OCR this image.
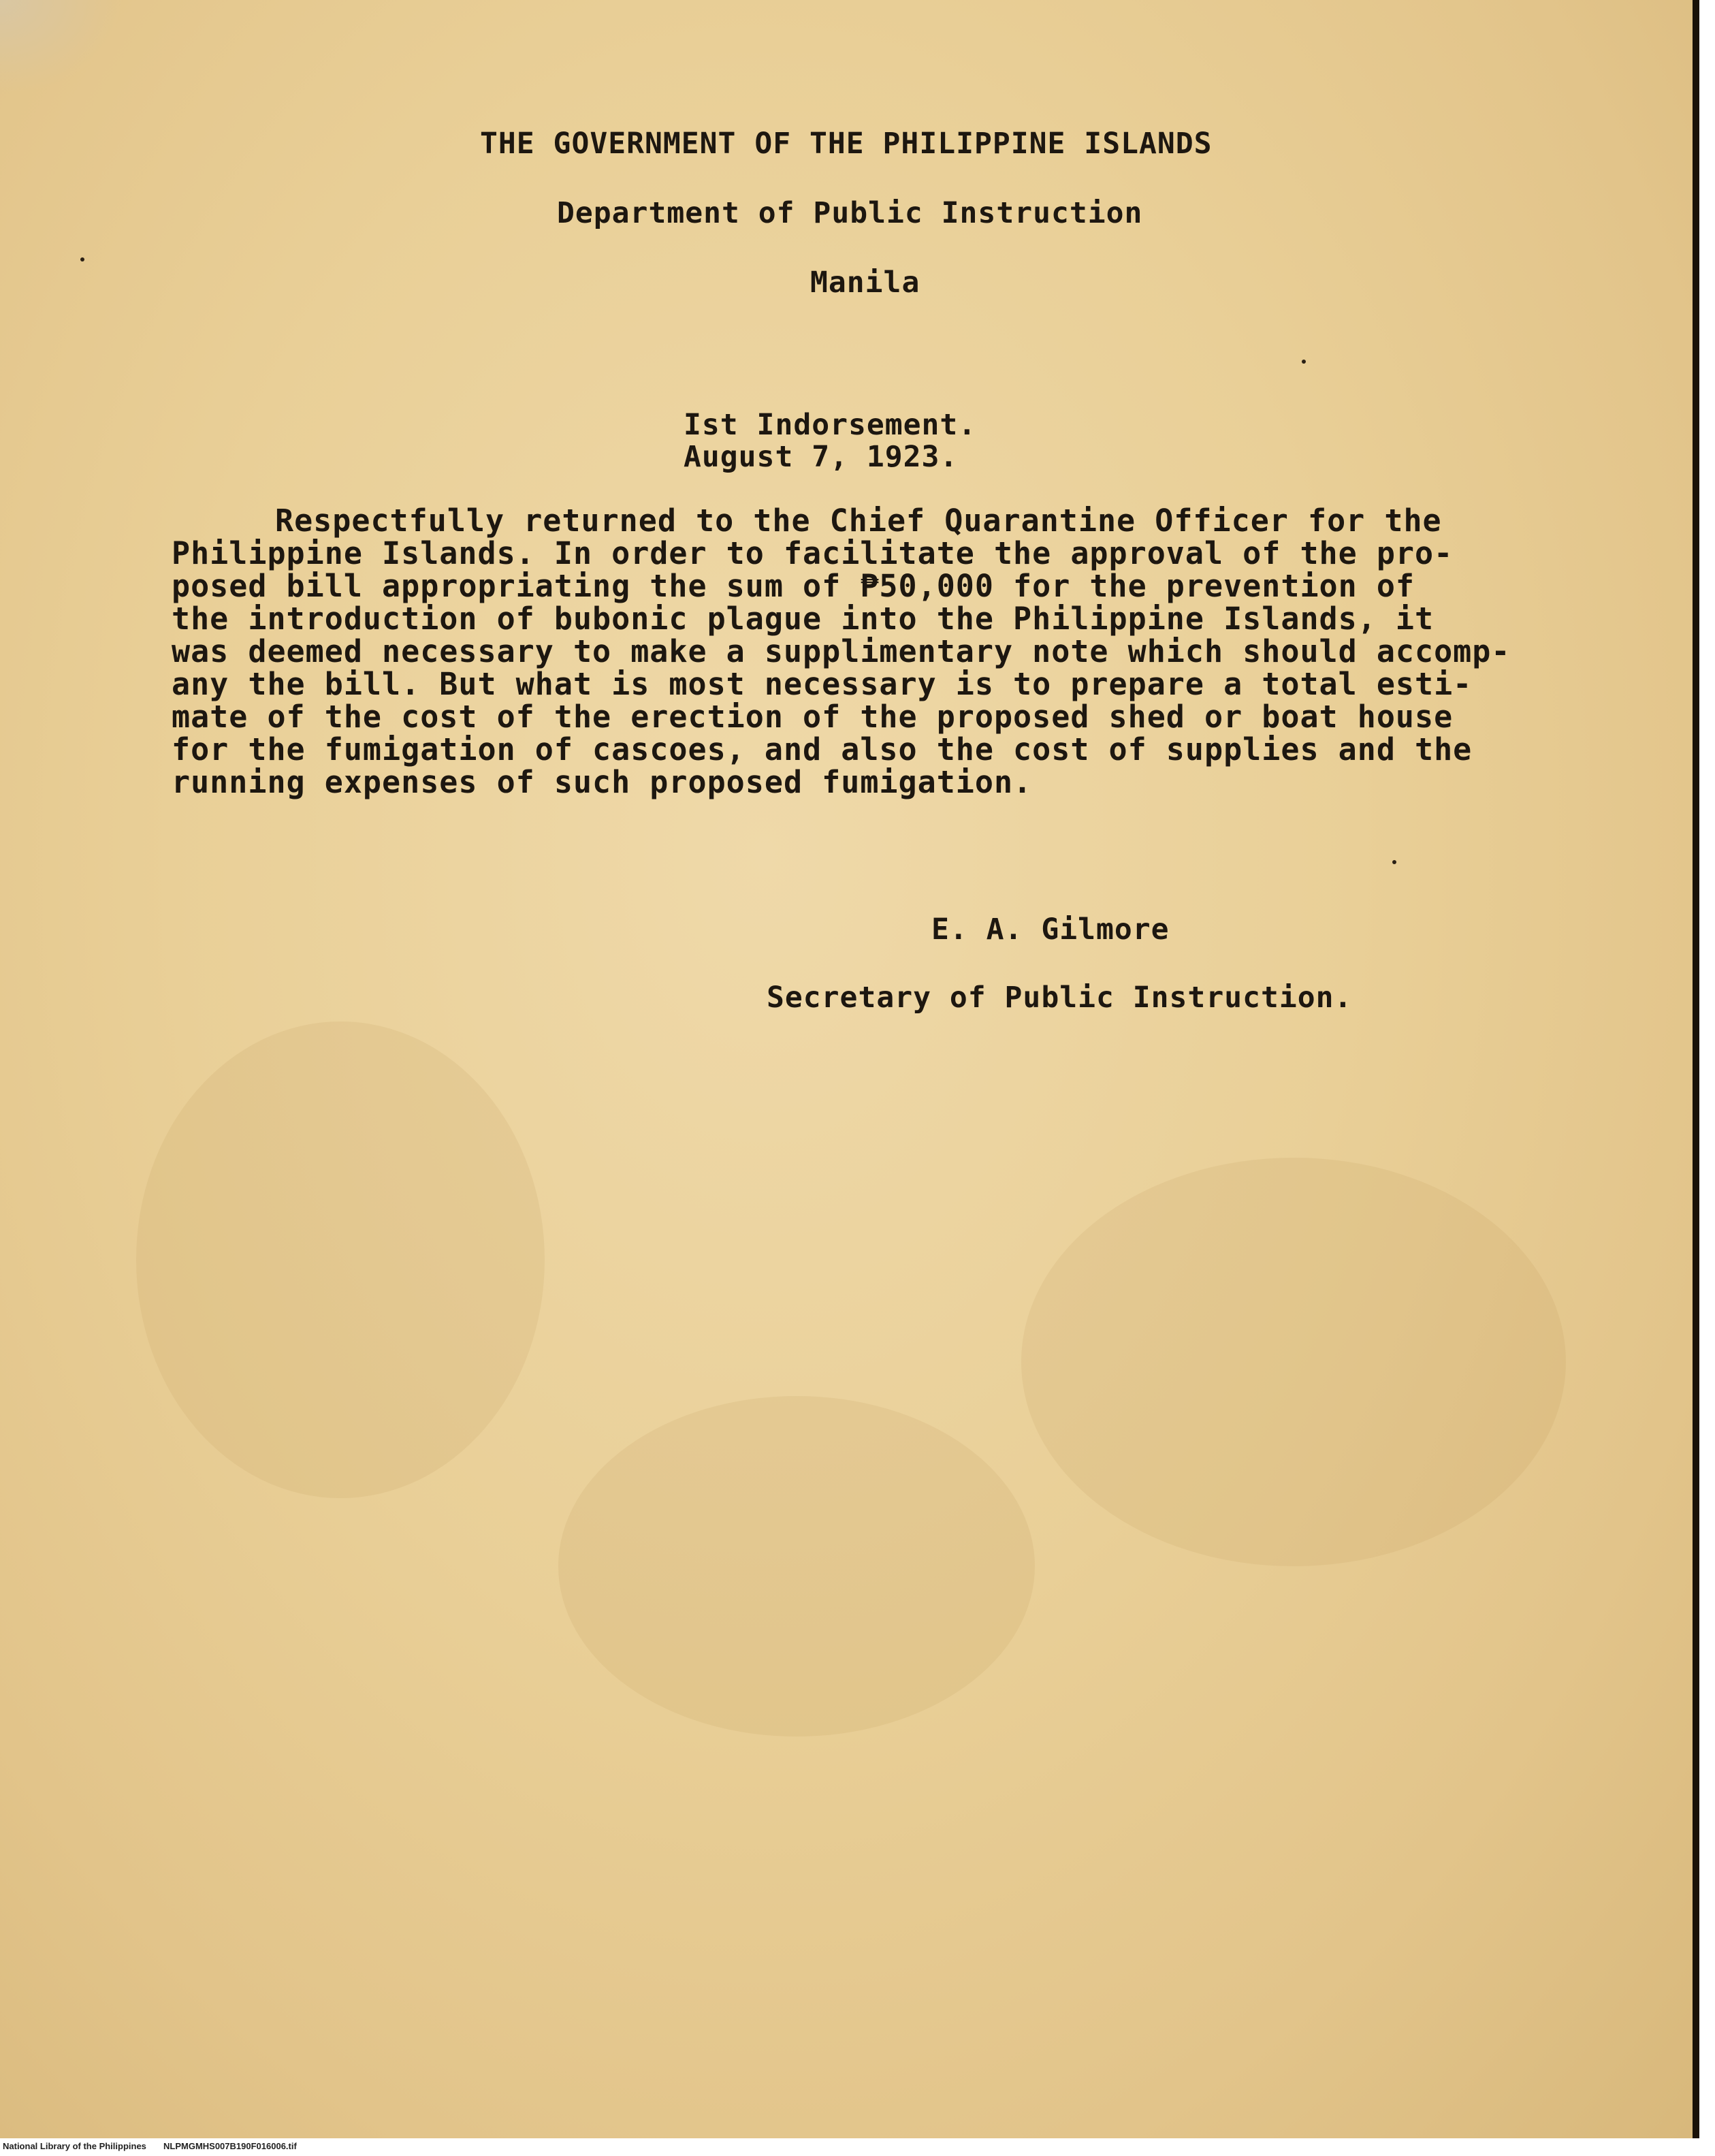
THE GOVERNMENT OF THE PHILIPPINE ISLANDS
Department of Public Instruction
Manila
Ist Indorsement.
August 7, 1923.
Respectfully returned to the Chief Quarantine Officer for the
Philippine Islands. In order to facilitate the approval of the pro-
posed bill appropriating the sum of ₱50,000 for the prevention of
the introduction of bubonic plague into the Philippine Islands, it
was deemed necessary to make a supplimentary note which should accomp-
any the bill. But what is most necessary is to prepare a total esti-
mate of the cost of the erection of the proposed shed or boat house
for the fumigation of cascoes, and also the cost of supplies and the
running expenses of such proposed fumigation.
E. A. Gilmore
Secretary of Public Instruction.
National Library of the Philippines NLPMGMHS007B190F016006.tif
